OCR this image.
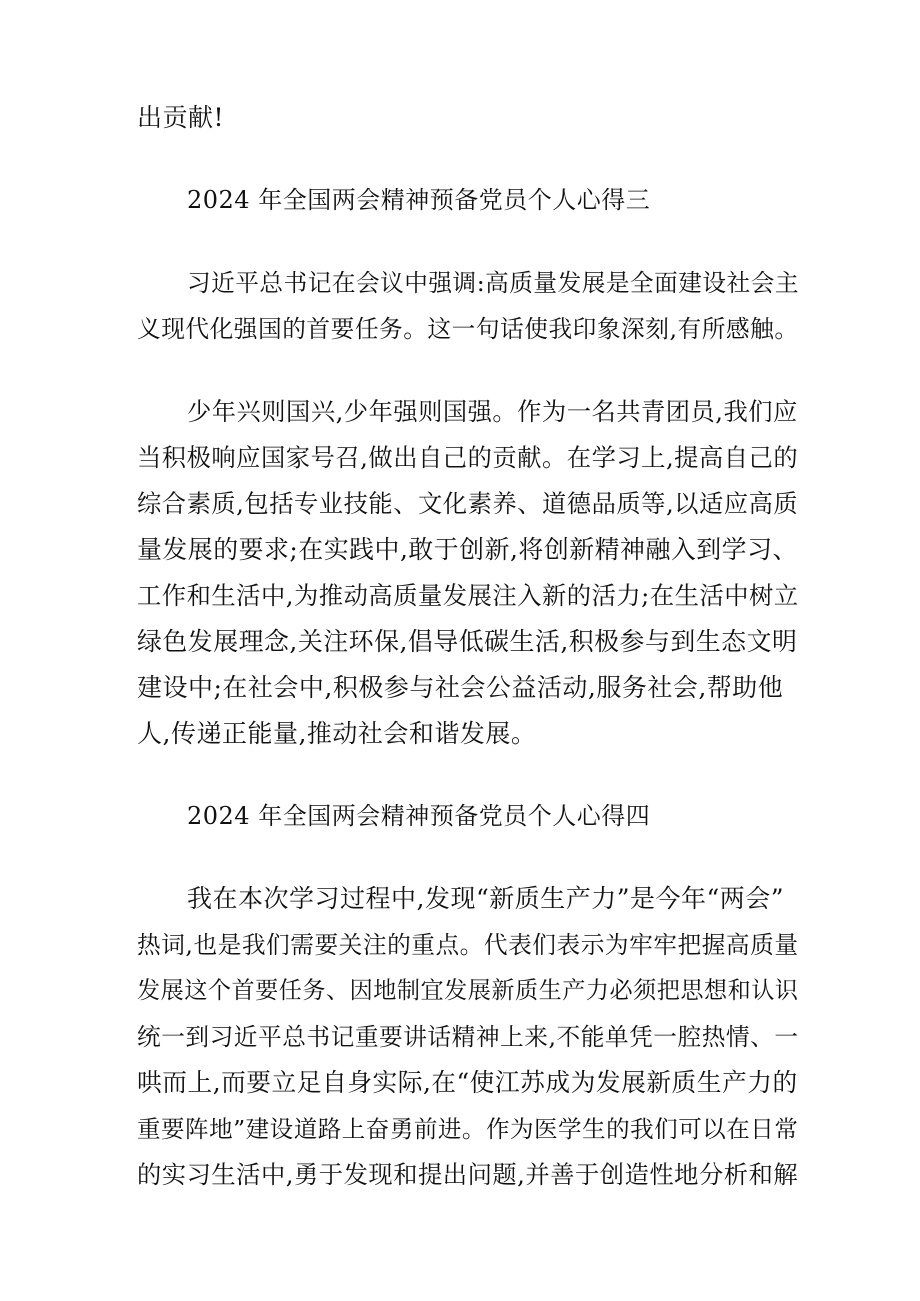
出贡献!
2024 年全国两会精神预备党员个人心得三
习近平总书记在会议中强调:高质量发展是全面建设社会主
义现代化强国的首要任务。这一句话使我印象深刻,有所感触。
少年兴则国兴,少年强则国强。作为一名共青团员,我们应
当积极响应国家号召,做出自己的贡献。在学习上,提高自己的
综合素质,包括专业技能、文化素养、道德品质等,以适应高质
量发展的要求;在实践中,敢于创新,将创新精神融入到学习、
工作和生活中,为推动高质量发展注入新的活力;在生活中树立
绿色发展理念,关注环保,倡导低碳生活,积极参与到生态文明
建设中;在社会中,积极参与社会公益活动,服务社会,帮助他
人,传递正能量,推动社会和谐发展。
2024 年全国两会精神预备党员个人心得四
我在本次学习过程中,发现“新质生产力”是今年“两会”
热词,也是我们需要关注的重点。代表们表示为牢牢把握高质量
发展这个首要任务、因地制宜发展新质生产力必须把思想和认识
统一到习近平总书记重要讲话精神上来,不能单凭一腔热情、一
哄而上,而要立足自身实际,在“使江苏成为发展新质生产力的
重要阵地”建设道路上奋勇前进。作为医学生的我们可以在日常
的实习生活中,勇于发现和提出问题,并善于创造性地分析和解
